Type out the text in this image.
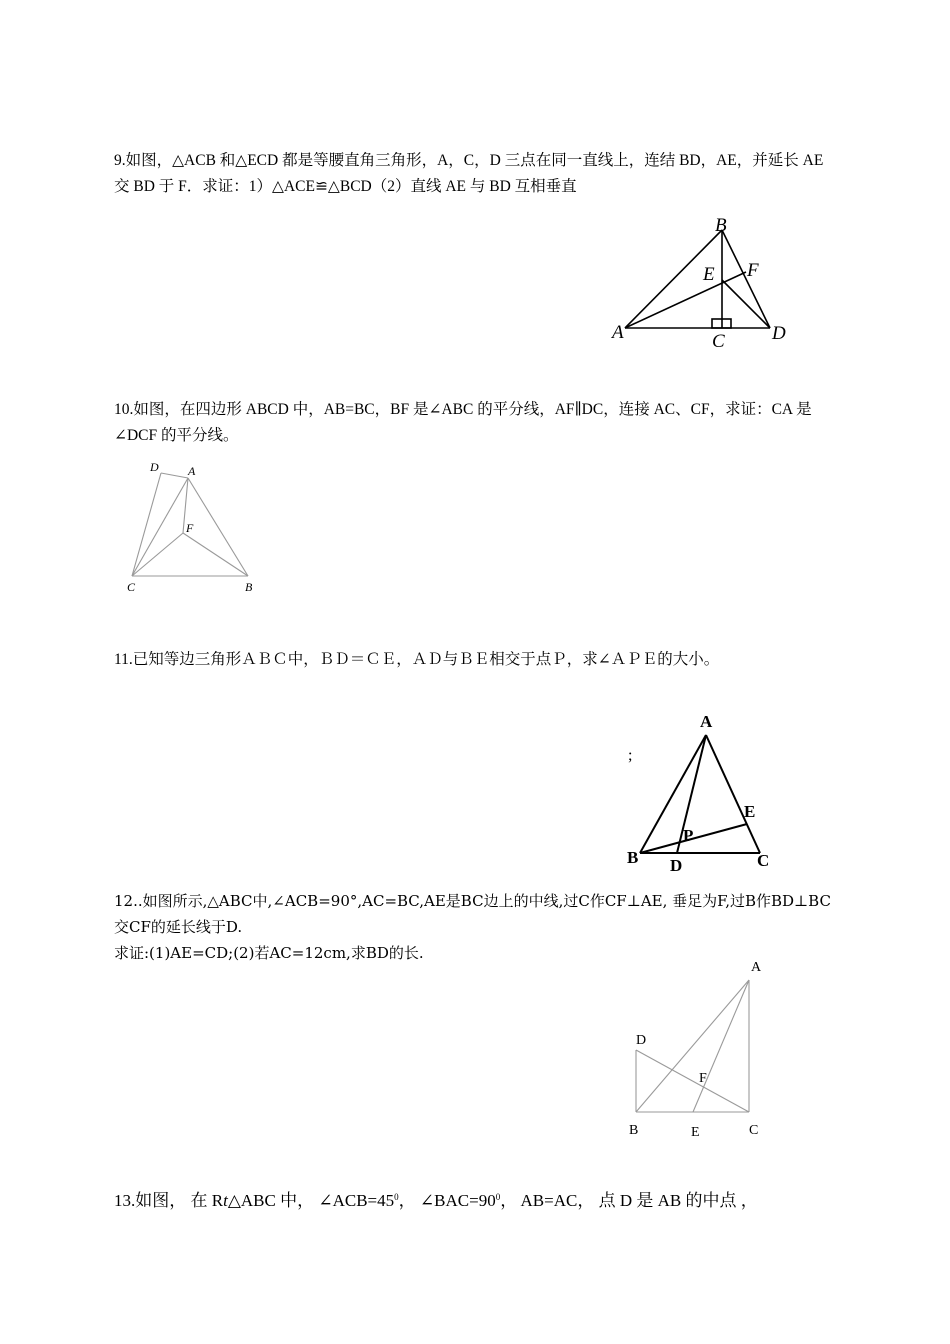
9.如图，△ACB 和△ECD 都是等腰直角三角形，A，C，D 三点在同一直线上，连结 BD，AE，并延长 AE 交 BD 于 F．求证：1）△ACE≌△BCD（2）直线 AE 与 BD 互相垂直
A
B
C D
E F
10.如图，在四边形 ABCD 中，AB=BC，BF 是∠ABC 的平分线，AF∥DC，连接 AC、CF，求证：CA 是∠DCF 的平分线。
D A
F
C	B
11.已知等边三角形ＡＢＣ中，ＢＤ＝ＣＥ，ＡＤ与ＢＥ相交于点Ｐ，求∠ＡＰＥ的大小。
A
B	C
D
E
P
;
12..如图所示,△ABC中,∠ACB=90°,AC=BC,AE是BC边上的中线,过C作CF⊥AE, 垂足为F,过B作BD⊥BC交CF的延长线于D.
求证:(1)AE=CD;(2)若AC=12cm,求BD的长.
A
D
F
B	E	C
13.如图， 在 Rt△ABC 中， $\angle ACB=45^0$， $\angle BAC=90^0$， AB=AC， 点 D 是 AB 的中点 ，
